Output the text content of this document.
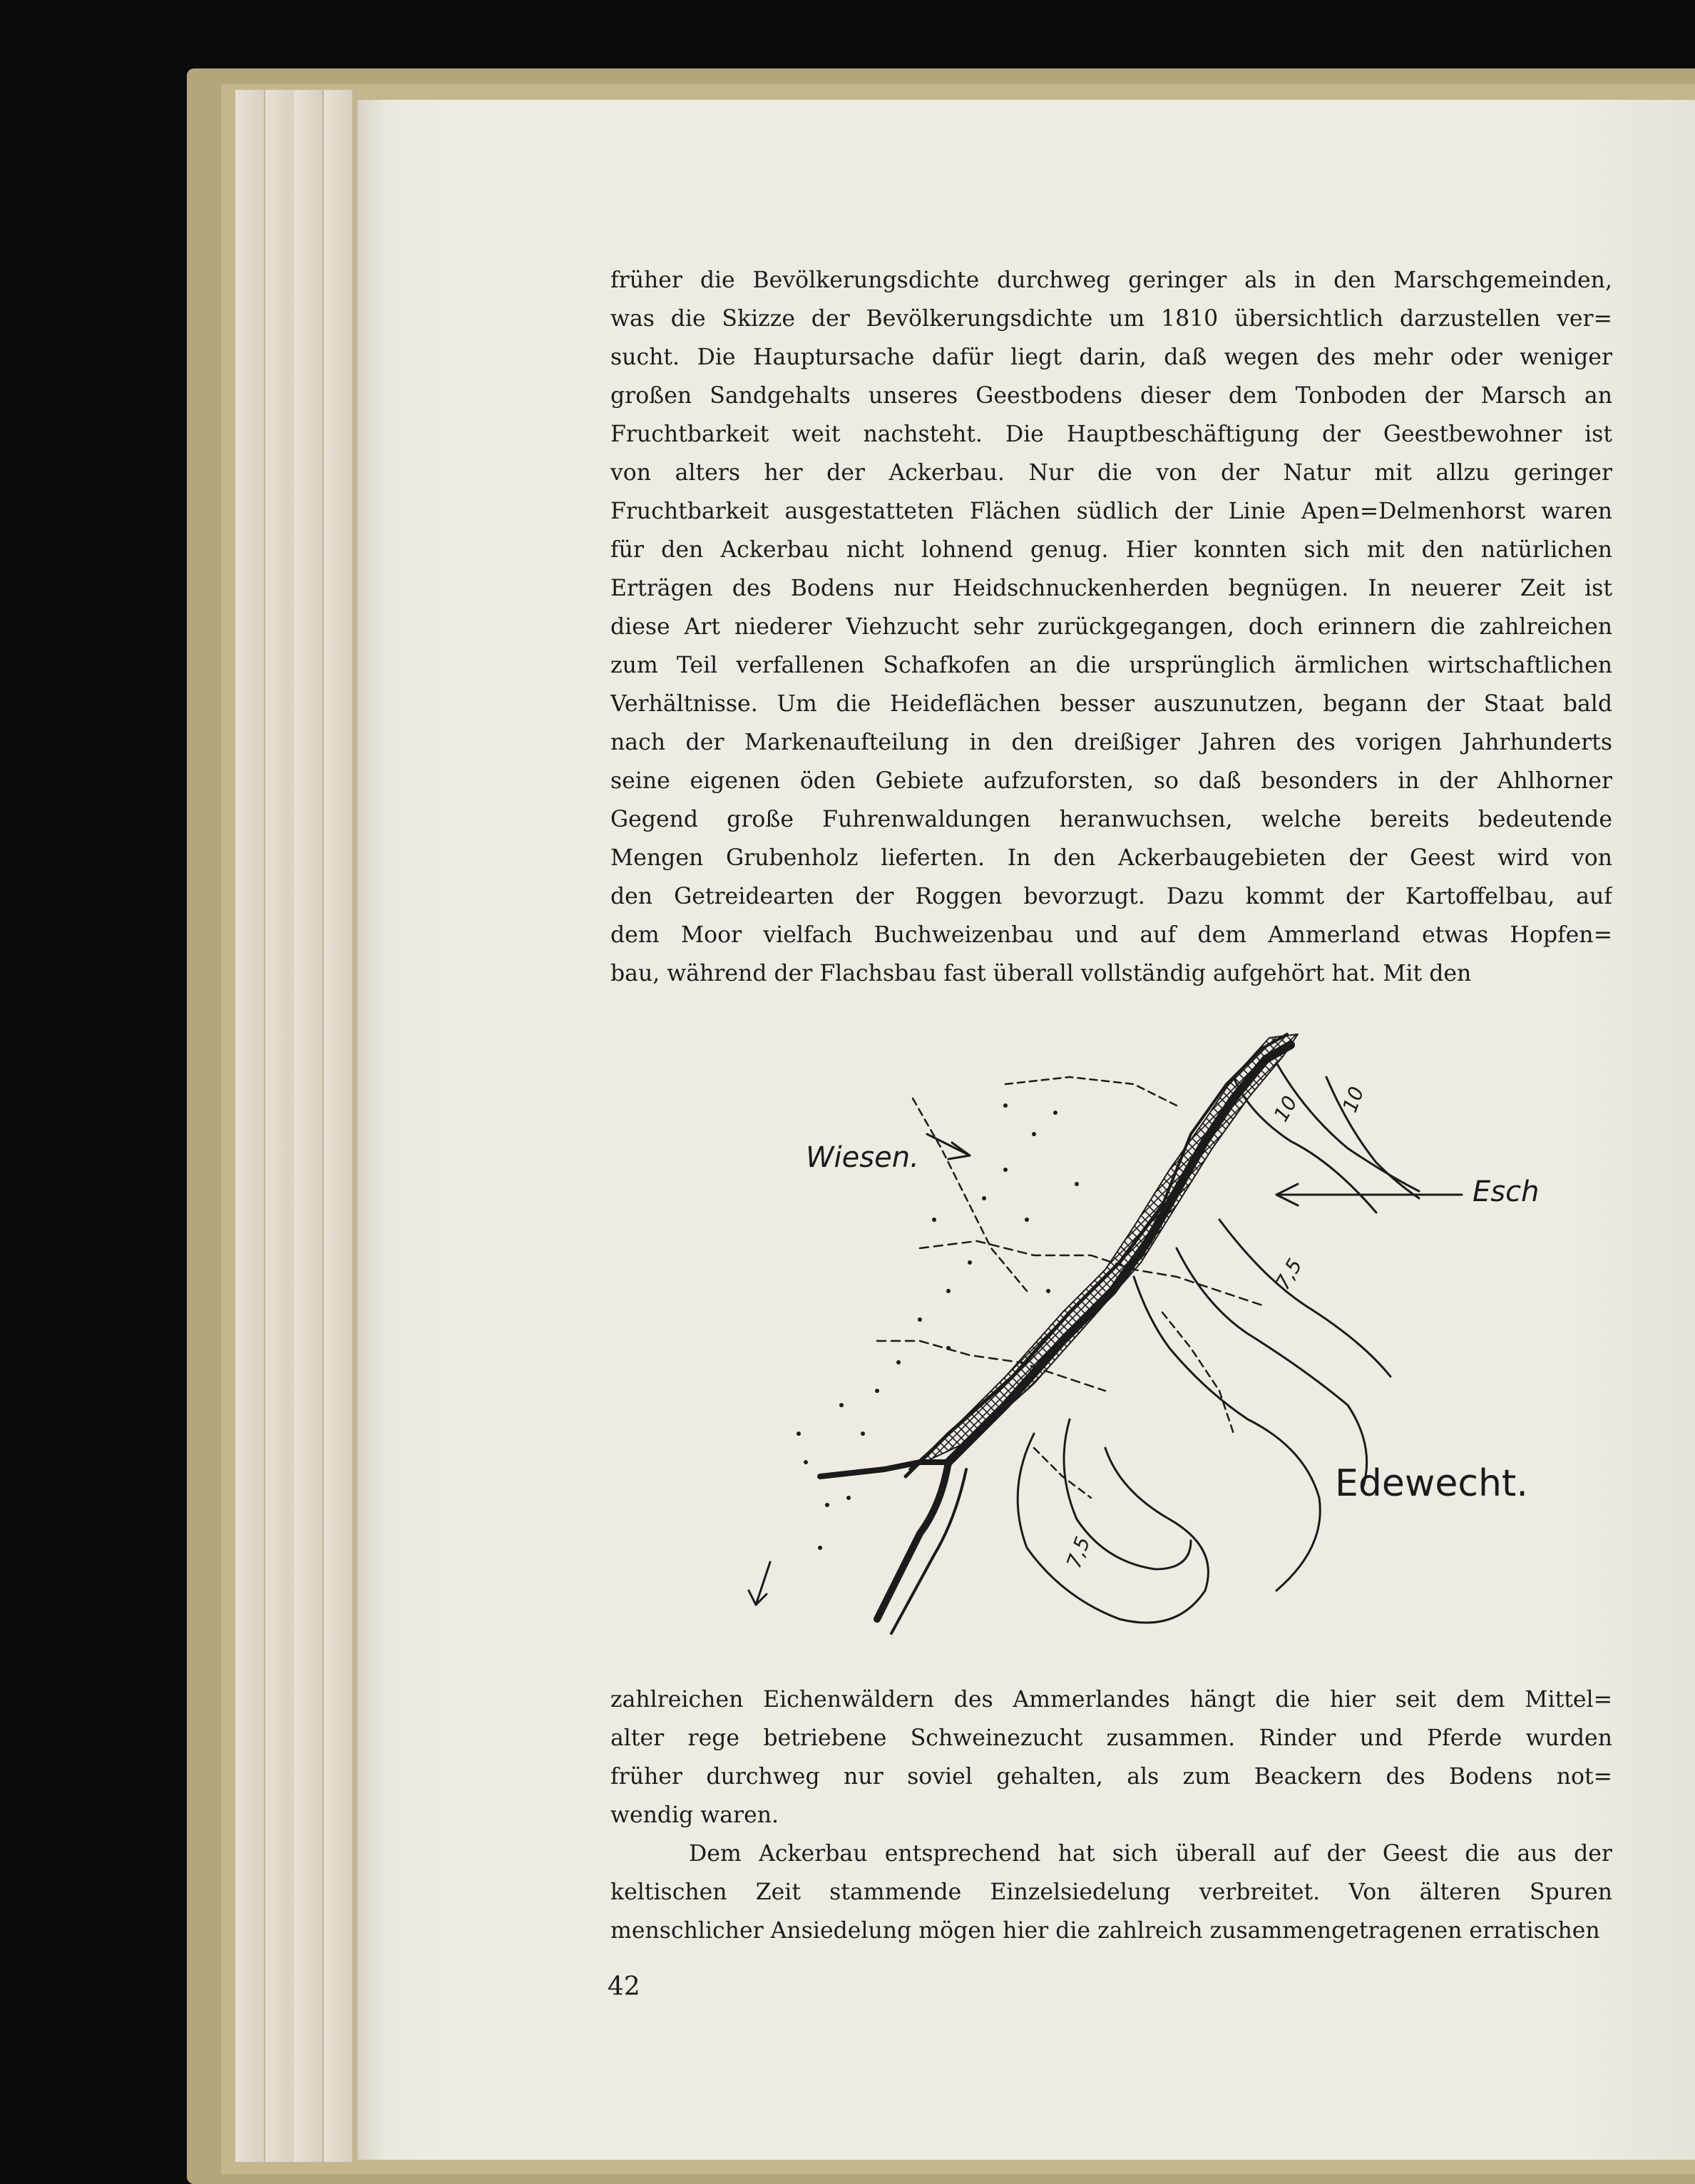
früher die Bevölkerungsdichte durchweg geringer als in den Marschgemeinden,
was die Skizze der Bevölkerungsdichte um 1810 übersichtlich darzustellen ver=
sucht. Die Hauptursache dafür liegt darin, daß wegen des mehr oder weniger
großen Sandgehalts unseres Geestbodens dieser dem Tonboden der Marsch an
Fruchtbarkeit weit nachsteht. Die Hauptbeschäftigung der Geestbewohner ist
von alters her der Ackerbau. Nur die von der Natur mit allzu geringer
Fruchtbarkeit ausgestatteten Flächen südlich der Linie Apen=Delmenhorst waren
für den Ackerbau nicht lohnend genug. Hier konnten sich mit den natürlichen
Erträgen des Bodens nur Heidschnuckenherden begnügen. In neuerer Zeit ist
diese Art niederer Viehzucht sehr zurückgegangen, doch erinnern die zahlreichen
zum Teil verfallenen Schafkofen an die ursprünglich ärmlichen wirtschaftlichen
Verhältnisse. Um die Heideflächen besser auszunutzen, begann der Staat bald
nach der Markenaufteilung in den dreißiger Jahren des vorigen Jahrhunderts
seine eigenen öden Gebiete aufzuforsten, so daß besonders in der Ahlhorner
Gegend große Fuhrenwaldungen heranwuchsen, welche bereits bedeutende
Mengen Grubenholz lieferten. In den Ackerbaugebieten der Geest wird von
den Getreidearten der Roggen bevorzugt. Dazu kommt der Kartoffelbau, auf
dem Moor vielfach Buchweizenbau und auf dem Ammerland etwas Hopfen=
bau, während der Flachsbau fast überall vollständig aufgehört hat. Mit den
Wiesen.
Esch
Edewecht.
10 10
7,5
7,5
zahlreichen Eichenwäldern des Ammerlandes hängt die hier seit dem Mittel=
alter rege betriebene Schweinezucht zusammen. Rinder und Pferde wurden
früher durchweg nur soviel gehalten, als zum Beackern des Bodens not=
wendig waren.
Dem Ackerbau entsprechend hat sich überall auf der Geest die aus der
keltischen Zeit stammende Einzelsiedelung verbreitet. Von älteren Spuren
menschlicher Ansiedelung mögen hier die zahlreich zusammengetragenen erratischen
42
